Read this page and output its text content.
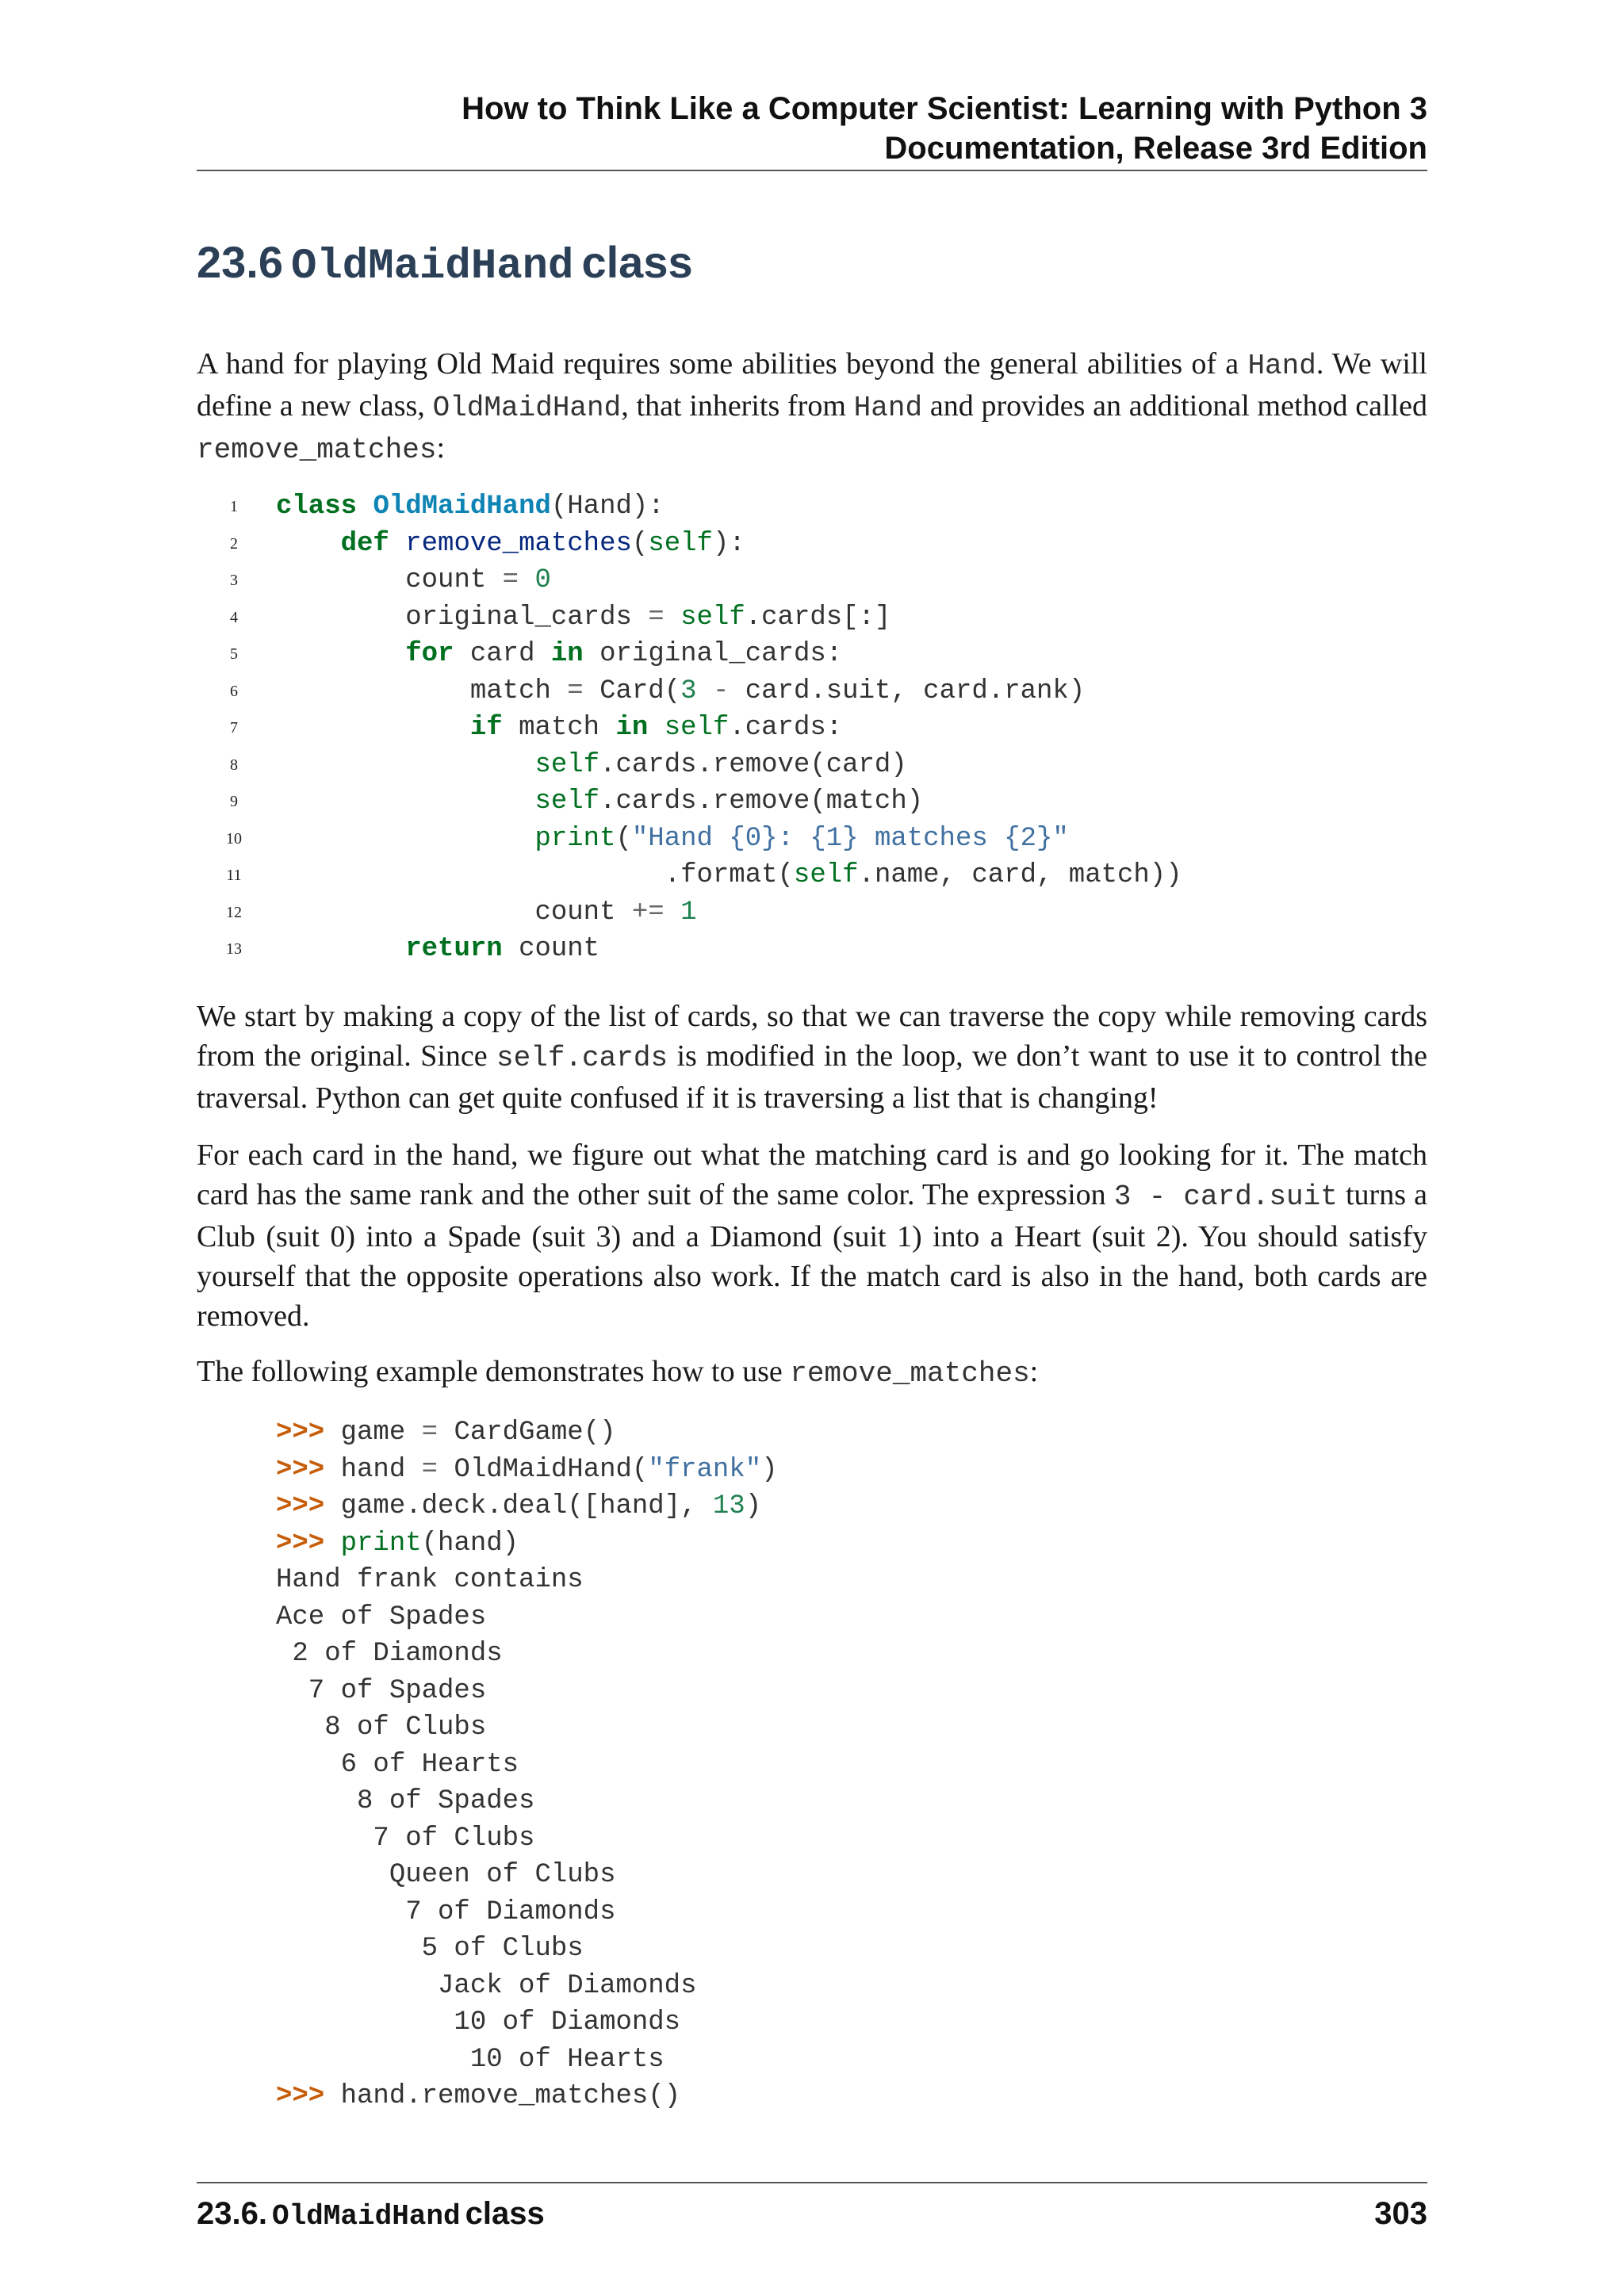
How to Think Like a Computer Scientist: Learning with Python 3
Documentation, Release 3rd Edition
23.6 OldMaidHand class

A hand for playing Old Maid requires some abilities beyond the general abilities of a Hand. We will define a new class, OldMaidHand, that inherits from Hand and provides an additional method called remove_matches:

1 class OldMaidHand(Hand):
2	def remove_matches(self):
3	count = 0
4	original_cards = self.cards[:]
5	for card in original_cards:
6	match = Card(3 - card.suit, card.rank)
7	if match in self.cards:
8	self.cards.remove(card)
9	self.cards.remove(match)
10	print("Hand {0}: {1} matches {2}"
11	.format(self.name, card, match))
12	count += 1
13	return count

We start by making a copy of the list of cards, so that we can traverse the copy while removing cards from the original. Since self.cards is modified in the loop, we don’t want to use it to control the traversal. Python can get quite confused if it is traversing a list that is changing!

For each card in the hand, we figure out what the matching card is and go looking for it. The match card has the same rank and the other suit of the same color. The expression 3 - card.suit turns a Club (suit 0) into a Spade (suit 3) and a Diamond (suit 1) into a Heart (suit 2). You should satisfy yourself that the opposite operations also work. If the match card is also in the hand, both cards are removed.

The following example demonstrates how to use remove_matches:

>>> game = CardGame()
>>> hand = OldMaidHand("frank")
>>> game.deck.deal([hand], 13)
>>> print(hand)
Hand frank contains
Ace of Spades
2 of Diamonds
7 of Spades
8 of Clubs
6 of Hearts
8 of Spades
7 of Clubs
Queen of Clubs
7 of Diamonds
5 of Clubs
Jack of Diamonds
10 of Diamonds
10 of Hearts
>>> hand.remove_matches()
23.6. OldMaidHand class	303
